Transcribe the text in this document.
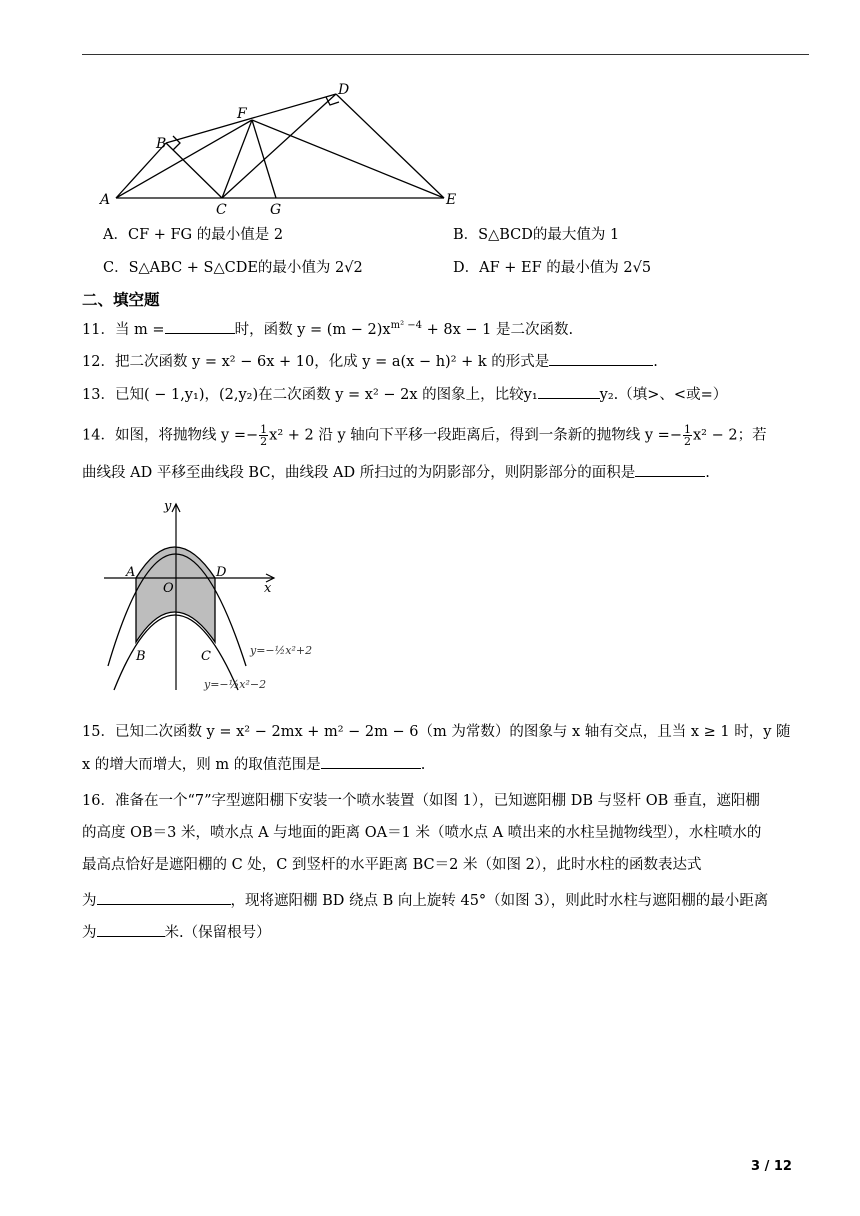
A
B
C
D
E
F
G
A．CF + FG 的最小值是 2	B．S△BCD的最大值为 1
C．S△ABC + S△CDE的最小值为 2√2	D．AF + EF 的最小值为 2√5
二、填空题
11．当 m =	时，函数 $y = (m - 2)x^{m^2 -4} + 8x - 1$ 是二次函数.
12．把二次函数 y = x² − 6x + 10，化成 y = a(x − h)² + k 的形式是	.
13．已知( − 1,y₁)，(2,y₂)在二次函数 y = x² − 2x 的图象上，比较y₁	y₂.（填>、<或=）
14．如图，将抛物线 $y =- \frac{1}{2} x^2 + 2$ 沿 y 轴向下平移一段距离后，得到一条新的抛物线 $y =- \frac{1}{2} x^2 - 2$；若
曲线段 AD 平移至曲线段 BC，曲线段 AD 所扫过的为阴影部分，则阴影部分的面积是	.
y
x
O
A	D
B	C	y=−½x²+2
y=−½x²−2
15．已知二次函数 y = x² − 2mx + m² − 2m − 6（m 为常数）的图象与 x 轴有交点，且当 x ≥ 1 时，y 随
x 的增大而增大，则 m 的取值范围是	.
16．准备在一个“7”字型遮阳棚下安装一个喷水装置（如图 1），已知遮阳棚 DB 与竖杆 OB 垂直，遮阳棚
的高度 OB＝3 米，喷水点 A 与地面的距离 OA＝1 米（喷水点 A 喷出来的水柱呈抛物线型），水柱喷水的
最高点恰好是遮阳棚的 C 处，C 到竖杆的水平距离 BC＝2 米（如图 2），此时水柱的函数表达式
为	，现将遮阳棚 BD 绕点 B 向上旋转 45°（如图 3），则此时水柱与遮阳棚的最小距离
为	米.（保留根号）
3 / 12
